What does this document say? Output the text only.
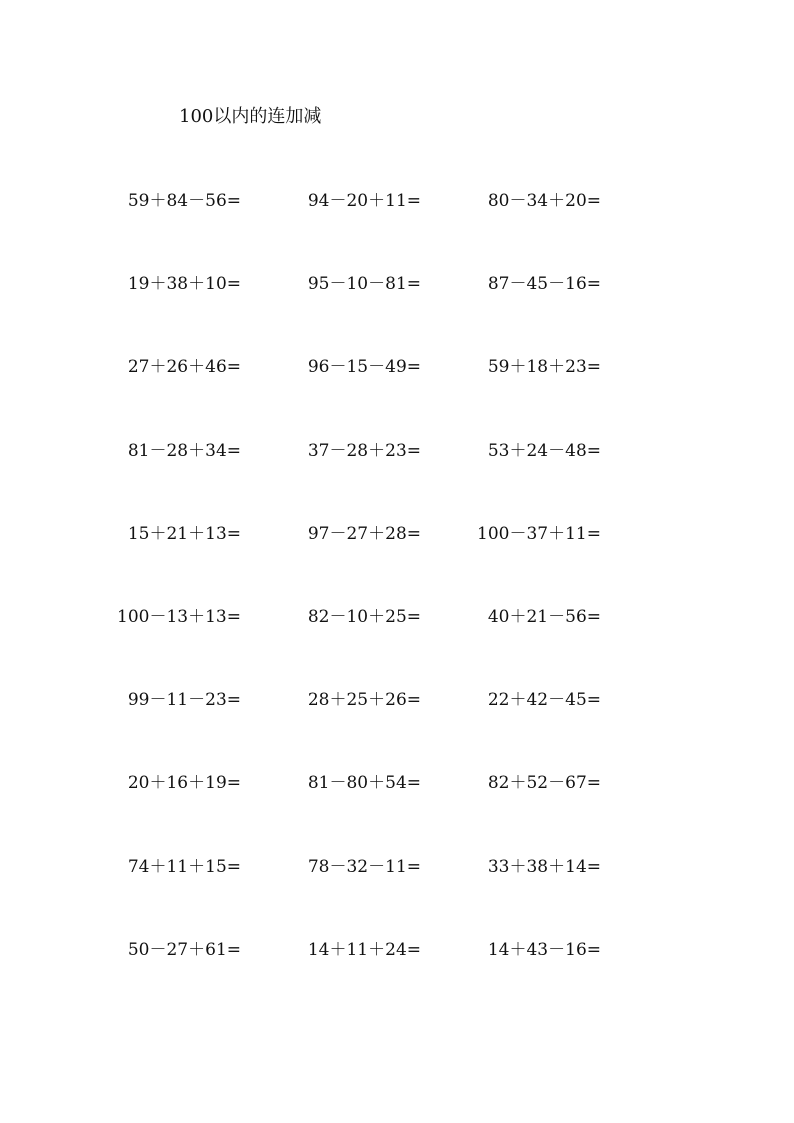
100以内的连加减
59＋84－56=	94－20＋11=	80－34＋20=
19＋38＋10=	95－10－81=	87－45－16=
27＋26＋46=	96－15－49=	59＋18＋23=
81－28＋34=	37－28＋23=	53＋24－48=
15＋21＋13=	97－27＋28=	100－37＋11=
100－13＋13=	82－10＋25=	40＋21－56=
99－11－23=	28＋25＋26=	22＋42－45=
20＋16＋19=	81－80＋54=	82＋52－67=
74＋11＋15=	78－32－11=	33＋38＋14=
50－27＋61=	14＋11＋24=	14＋43－16=
